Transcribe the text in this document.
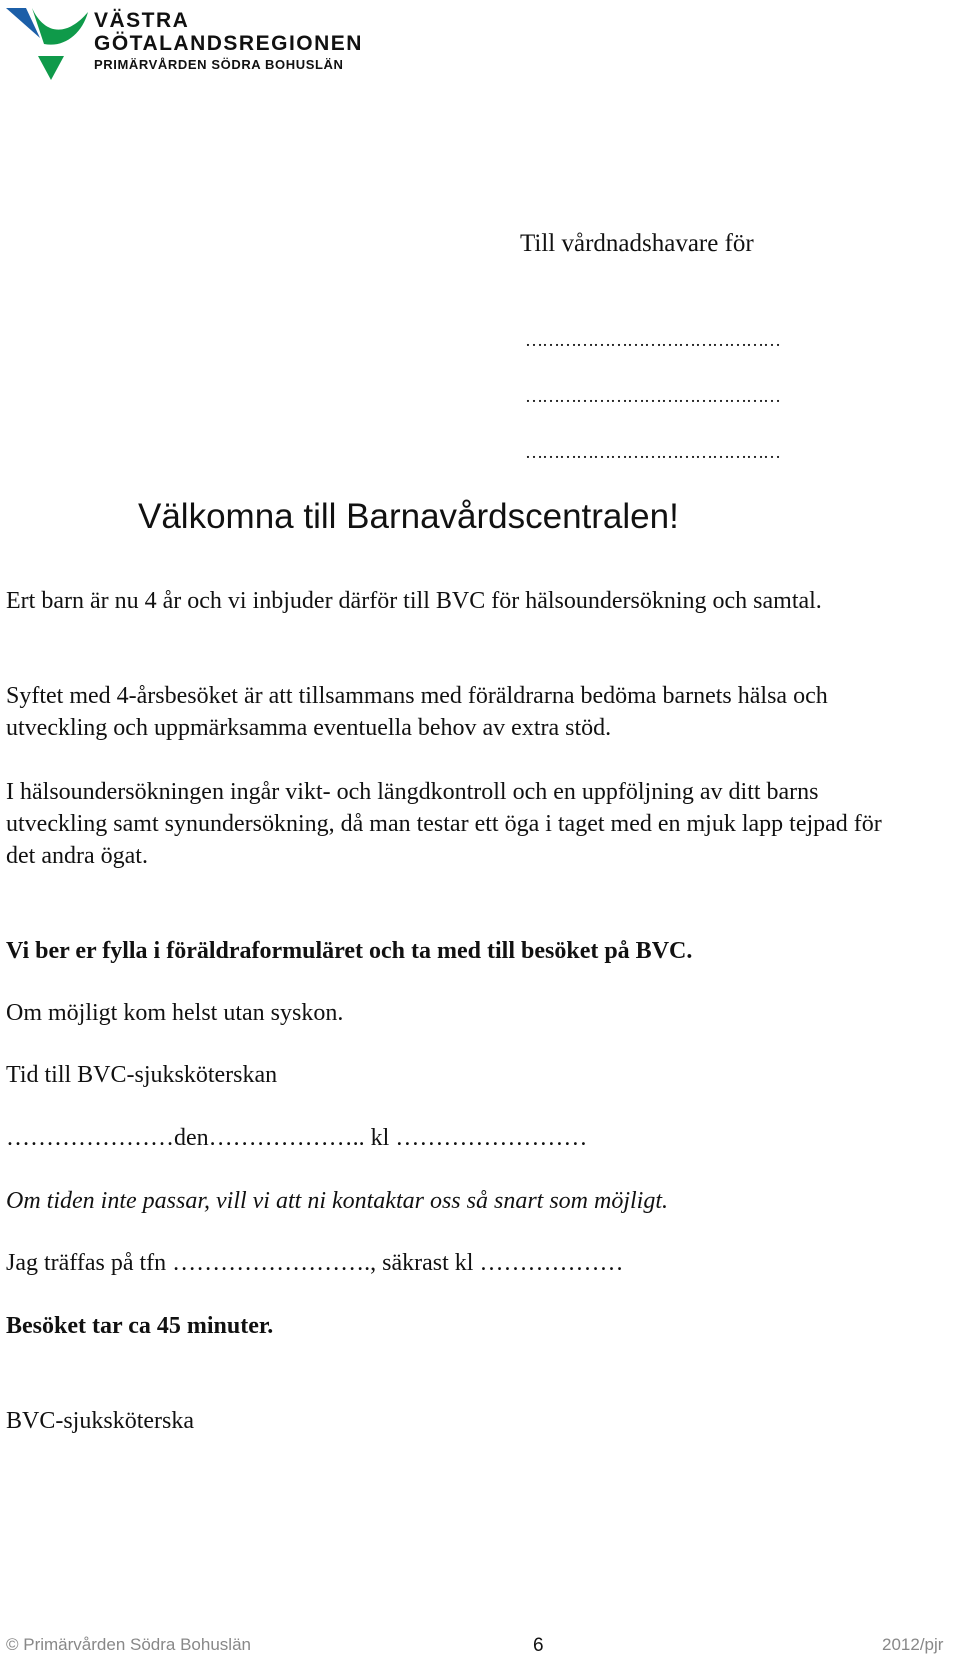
VÄSTRA
GÖTALANDSREGIONEN
PRIMÄRVÅRDEN SÖDRA BOHUSLÄN
Till vårdnadshavare för
………………………………………
………………………………………
………………………………………
Välkomna till Barnavårdscentralen!
Ert barn är nu 4 år och vi inbjuder därför till BVC för hälsoundersökning och samtal.
Syftet med 4-årsbesöket är att tillsammans med föräldrarna bedöma barnets hälsa och utveckling och uppmärksamma eventuella behov av extra stöd.
I hälsoundersökningen ingår vikt- och längdkontroll och en uppföljning av ditt barns utveckling samt synundersökning, då man testar ett öga i taget med en mjuk lapp tejpad för det andra ögat.
Vi ber er fylla i föräldraformuläret och ta med till besöket på BVC.
Om möjligt kom helst utan syskon.
Tid till BVC-sjuksköterskan
…………………den……………….. kl ……………………
Om tiden inte passar, vill vi att ni kontaktar oss så snart som möjligt.
Jag träffas på tfn ……………………., säkrast kl ………………
Besöket tar ca 45 minuter.
BVC-sjuksköterska
© Primärvården Södra Bohuslän	6	2012/pjr
